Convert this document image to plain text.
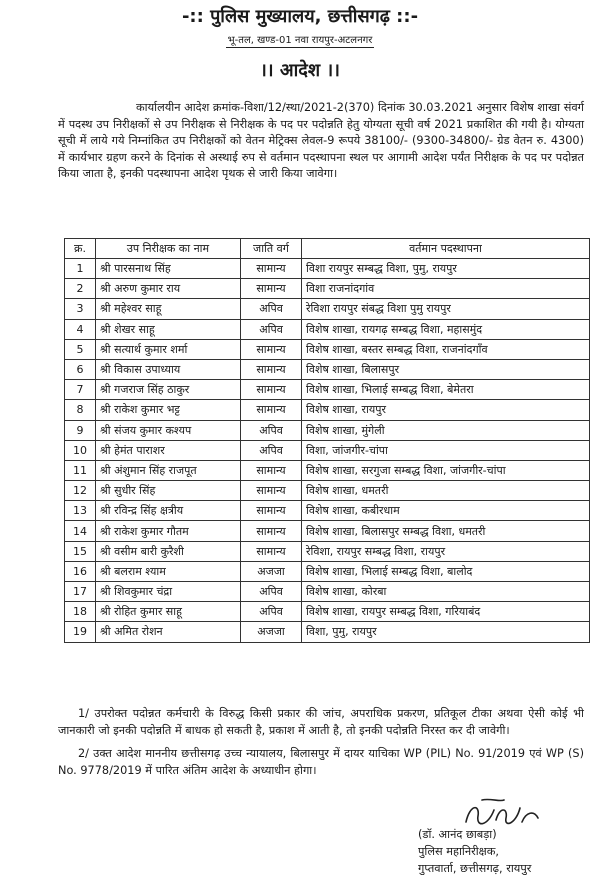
-:: पुलिस मुख्यालय, छत्तीसगढ़ ::-
भू-तल, खण्ड-01 नवा रायपुर-अटलनगर
।। आदेश ।।

कार्यालयीन आदेश क्रमांक-विशा/12/स्था/2021-2(370) दिनांक 30.03.2021 अनुसार विशेष शाखा संवर्ग में पदस्थ उप निरीक्षकों से उप निरीक्षक से निरीक्षक के पद पर पदोन्नति हेतु योग्यता सूची वर्ष 2021 प्रकाशित की गयी है। योग्यता सूची में लाये गये निम्नांकित उप निरीक्षकों को वेतन मेट्रिक्स लेवल-9 रूपये 38100/- (9300-34800/- ग्रेड वेतन रु. 4300) में कार्यभार ग्रहण करने के दिनांक से अस्थाई रुप से वर्तमान पदस्थापना स्थल पर आगामी आदेश पर्यंत निरीक्षक के पद पर पदोन्नत किया जाता है, इनकी पदस्थापना आदेश पृथक से जारी किया जावेगा।

क्र.	उप निरीक्षक का नाम	जाति वर्ग	वर्तमान पदस्थापना
1	श्री पारसनाथ सिंह	सामान्य	विशा रायपुर सम्बद्ध विशा, पुमु, रायपुर
2	श्री अरुण कुमार राय	सामान्य	विशा राजनांदगांव
3	श्री महेश्वर साहू	अपिव	रेविशा रायपुर संबद्ध विशा पुमु रायपुर
4	श्री शेखर साहू	अपिव	विशेष शाखा, रायगढ़ सम्बद्ध विशा, महासमुंद
5	श्री सत्यार्थ कुमार शर्मा	सामान्य	विशेष शाखा, बस्तर सम्बद्ध विशा, राजनांदगाँव
6	श्री विकास उपाध्याय	सामान्य	विशेष शाखा, बिलासपुर
7	श्री गजराज सिंह ठाकुर	सामान्य	विशेष शाखा, भिलाई सम्बद्ध विशा, बेमेतरा
8	श्री राकेश कुमार भट्ट	सामान्य	विशेष शाखा, रायपुर
9	श्री संजय कुमार कश्यप	अपिव	विशेष शाखा, मुंगेली
10	श्री हेमंत पाराशर	अपिव	विशा, जांजगीर-चांपा
11	श्री अंशुमान सिंह राजपूत	सामान्य	विशेष शाखा, सरगुजा सम्बद्ध विशा, जांजगीर-चांपा
12	श्री सुधीर सिंह	सामान्य	विशेष शाखा, धमतरी
13	श्री रविन्द्र सिंह क्षत्रीय	सामान्य	विशेष शाखा, कबीरधाम
14	श्री राकेश कुमार गौतम	सामान्य	विशेष शाखा, बिलासपुर सम्बद्ध विशा, धमतरी
15	श्री वसीम बारी कुरैशी	सामान्य	रेविशा, रायपुर सम्बद्ध विशा, रायपुर
16	श्री बलराम श्याम	अजजा	विशेष शाखा, भिलाई सम्बद्ध विशा, बालोद
17	श्री शिवकुमार चंद्रा	अपिव	विशेष शाखा, कोरबा
18	श्री रोहित कुमार साहू	अपिव	विशेष शाखा, रायपुर सम्बद्ध विशा, गरियाबंद
19	श्री अमित रोशन	अजजा	विशा, पुमु, रायपुर

1/ उपरोक्त पदोन्नत कर्मचारी के विरुद्ध किसी प्रकार की जांच, अपराधिक प्रकरण, प्रतिकूल टीका अथवा ऐसी कोई भी जानकारी जो इनकी पदोन्नति में बाधक हो सकती है, प्रकाश में आती है, तो इनकी पदोन्नति निरस्त कर दी जावेगी।

2/ उक्त आदेश माननीय छत्तीसगढ़ उच्च न्यायालय, बिलासपुर में दायर याचिका WP (PIL) No. 91/2019 एवं WP (S) No. 9778/2019 में पारित अंतिम आदेश के अध्याधीन होगा।

(डॉ. आनंद छाबड़ा)
पुलिस महानिरीक्षक,
गुप्तवार्ता, छत्तीसगढ़, रायपुर
